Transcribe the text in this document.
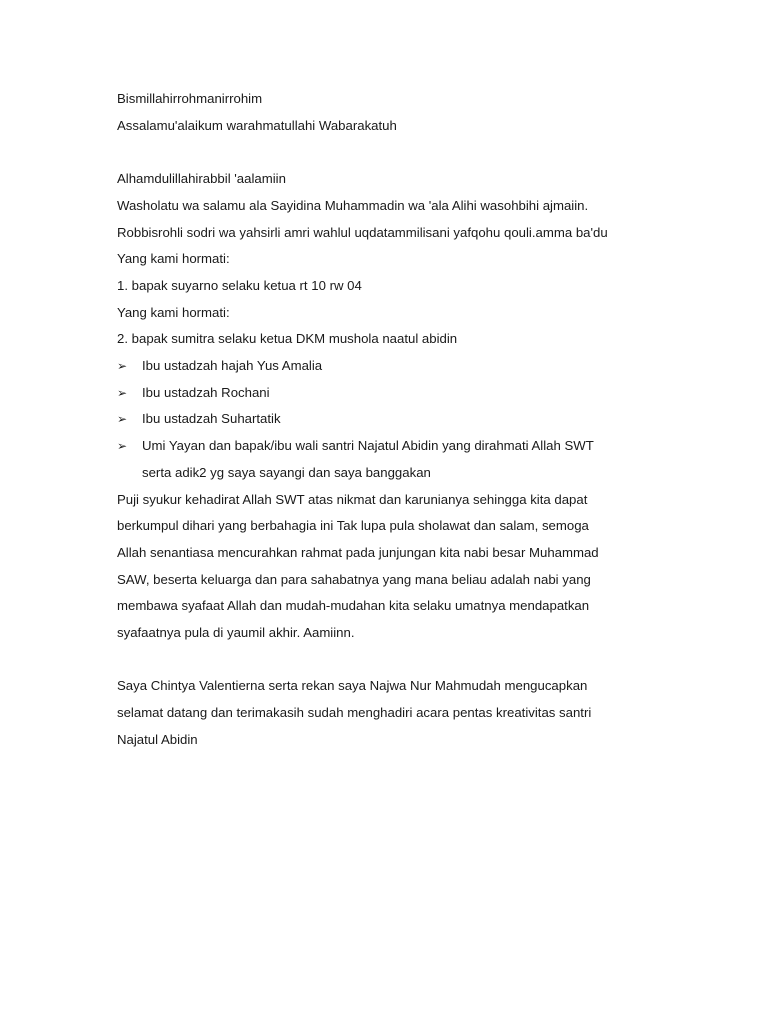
Bismillahirrohmanirrohim
Assalamu'alaikum warahmatullahi Wabarakatuh
Alhamdulillahirabbil 'aalamiin
Washolatu wa salamu ala Sayidina Muhammadin wa 'ala Alihi wasohbihi ajmaiin.
Robbisrohli sodri wa yahsirli amri wahlul uqdatammilisani yafqohu qouli.amma ba'du
Yang kami hormati:
1. bapak suyarno selaku ketua rt 10 rw 04
Yang kami hormati:
2. bapak sumitra selaku ketua DKM mushola naatul abidin
➢ Ibu ustadzah hajah Yus Amalia
➢ Ibu ustadzah Rochani
➢ Ibu ustadzah Suhartatik
➢ Umi Yayan dan bapak/ibu wali santri Najatul Abidin yang dirahmati Allah SWT
serta adik2 yg saya sayangi dan saya banggakan
Puji syukur kehadirat Allah SWT atas nikmat dan karunianya sehingga kita dapat
berkumpul dihari yang berbahagia ini Tak lupa pula sholawat dan salam, semoga
Allah senantiasa mencurahkan rahmat pada junjungan kita nabi besar Muhammad
SAW, beserta keluarga dan para sahabatnya yang mana beliau adalah nabi yang
membawa syafaat Allah dan mudah-mudahan kita selaku umatnya mendapatkan
syafaatnya pula di yaumil akhir. Aamiinn.
Saya Chintya Valentierna serta rekan saya Najwa Nur Mahmudah mengucapkan
selamat datang dan terimakasih sudah menghadiri acara pentas kreativitas santri
Najatul Abidin
